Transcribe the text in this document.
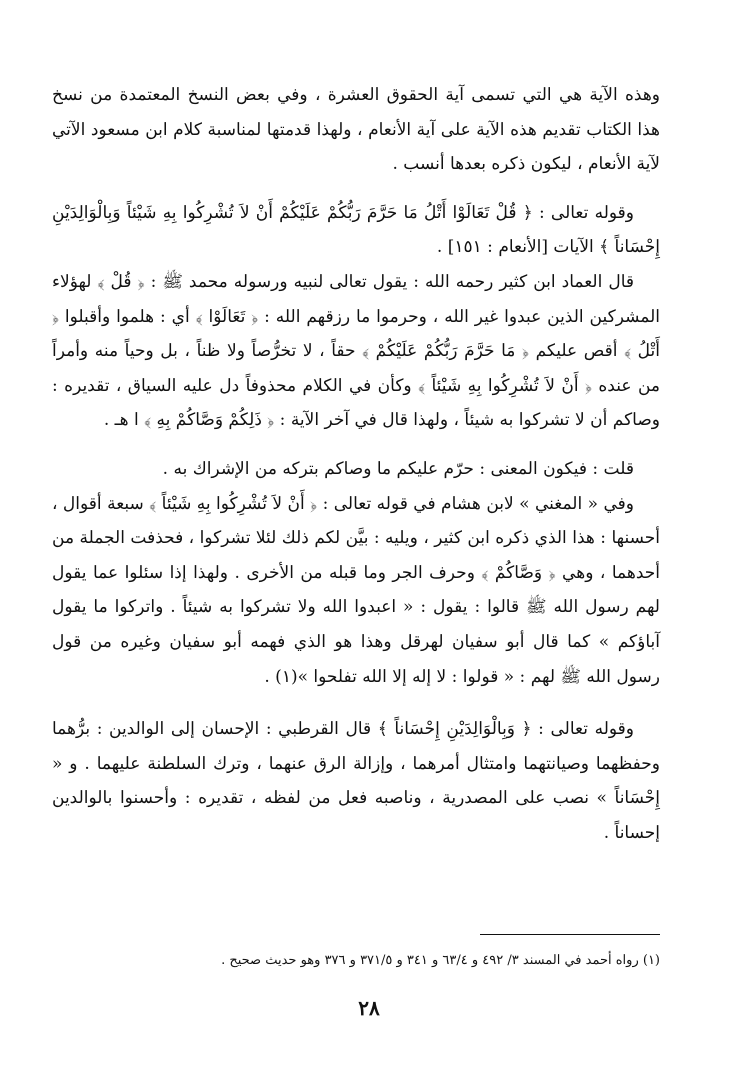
وهذه الآية هي التي تسمى آية الحقوق العشرة ، وفي بعض النسخ المعتمدة من نسخ هذا الكتاب تقديم هذه الآية على آية الأنعام ، ولهذا قدمتها لمناسبة كلام ابن مسعود الآتي لآية الأنعام ، ليكون ذكره بعدها أنسب .

وقوله تعالى : ﴿ قُلْ تَعَالَوْا أَتْلُ مَا حَرَّمَ رَبُّكُمْ عَلَيْكُمْ أَنْ لاَ تُشْرِكُوا بِهِ شَيْئاً وَبِالْوَالِدَيْنِ إِحْسَاناً ﴾ الآيات [الأنعام : ١٥١] .

قال العماد ابن كثير رحمه الله : يقول تعالى لنبيه ورسوله محمد ﷺ : ﴿ قُلْ ﴾ لهؤلاء المشركين الذين عبدوا غير الله ، وحرموا ما رزقهم الله : ﴿ تَعَالَوْا ﴾ أي : هلموا وأقبلوا ﴿ أَتْلُ ﴾ أقص عليكم ﴿ مَا حَرَّمَ رَبُّكُمْ عَلَيْكُمْ ﴾ حقاً ، لا تخرُّصاً ولا ظناً ، بل وحياً منه وأمراً من عنده ﴿ أَنْ لاَ تُشْرِكُوا بِهِ شَيْئاً ﴾ وكأن في الكلام محذوفاً دل عليه السياق ، تقديره : وصاكم أن لا تشركوا به شيئاً ، ولهذا قال في آخر الآية : ﴿ ذَلِكُمْ وَصَّاكُمْ بِهِ ﴾ ا هـ .

قلت : فيكون المعنى : حرّم عليكم ما وصاكم بتركه من الإشراك به .

وفي « المغني » لابن هشام في قوله تعالى : ﴿ أَنْ لاَ تُشْرِكُوا بِهِ شَيْئاً ﴾ سبعة أقوال ، أحسنها : هذا الذي ذكره ابن كثير ، ويليه : بيَّن لكم ذلك لئلا تشركوا ، فحذفت الجملة من أحدهما ، وهي ﴿ وَصَّاكُمْ ﴾ وحرف الجر وما قبله من الأخرى . ولهذا إذا سئلوا عما يقول لهم رسول الله ﷺ قالوا : يقول : « اعبدوا الله ولا تشركوا به شيئاً . واتركوا ما يقول آباؤكم » كما قال أبو سفيان لهرقل وهذا هو الذي فهمه أبو سفيان وغيره من قول رسول الله ﷺ لهم : « قولوا : لا إله إلا الله تفلحوا »(١) .

وقوله تعالى : ﴿ وَبِالْوَالِدَيْنِ إِحْسَاناً ﴾ قال القرطبي : الإحسان إلى الوالدين : برُّهما وحفظهما وصيانتهما وامتثال أمرهما ، وإزالة الرق عنهما ، وترك السلطنة عليهما . و « إِحْسَاناً » نصب على المصدرية ، وناصبه فعل من لفظه ، تقديره : وأحسنوا بالوالدين إحساناً .

(١) رواه أحمد في المسند ٣/ ٤٩٢ و ٦٣/٤ و ٣٤١ و ٣٧١/٥ و ٣٧٦ وهو حديث صحيح .
٢٨
